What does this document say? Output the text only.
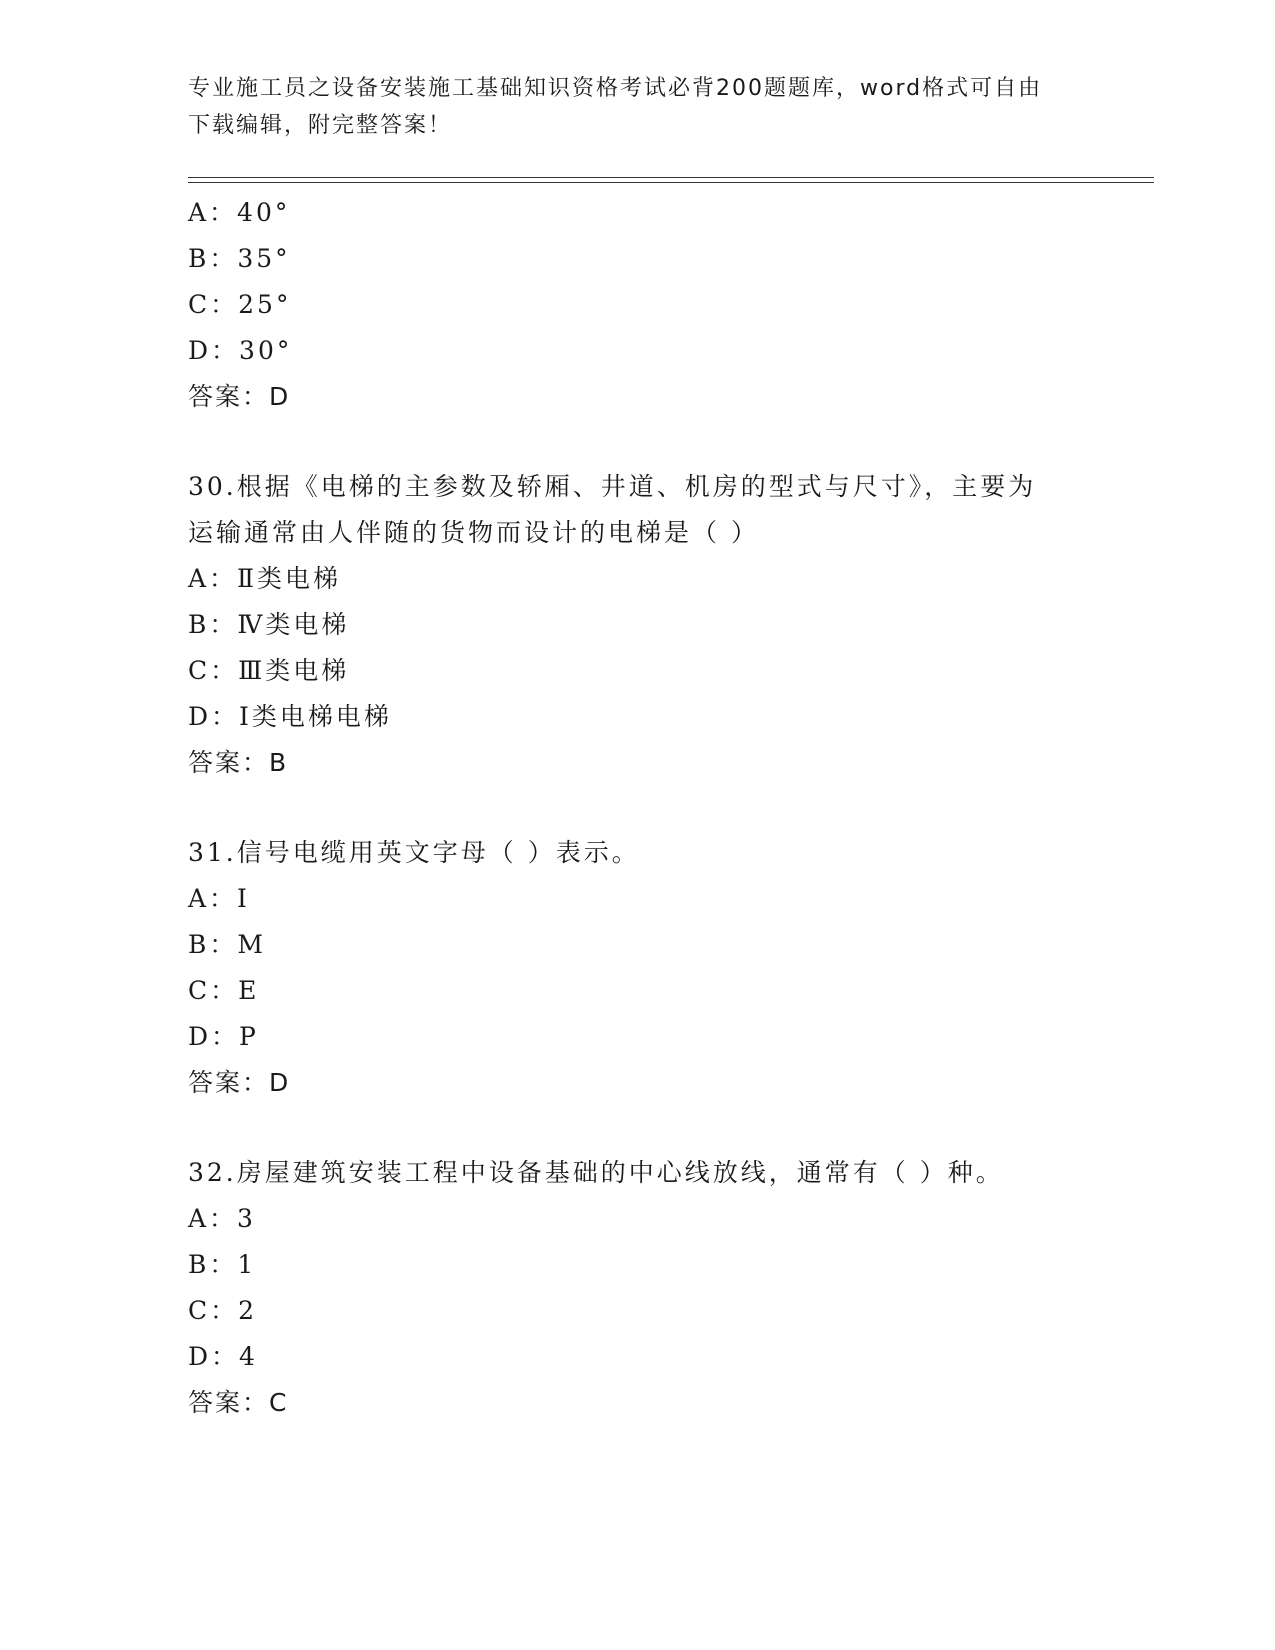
专业施工员之设备安装施工基础知识资格考试必背200题题库，word格式可自由
下载编辑，附完整答案！
A：40°
B：35°
C：25°
D：30°
答案：D
30.根据《电梯的主参数及轿厢、井道、机房的型式与尺寸》，主要为
运输通常由人伴随的货物而设计的电梯是（ ）
A：Ⅱ类电梯
B：Ⅳ类电梯
C：Ⅲ类电梯
D：Ⅰ类电梯电梯
答案：B
31.信号电缆用英文字母（ ）表示。
A：I
B：M
C：E
D：P
答案：D
32.房屋建筑安装工程中设备基础的中心线放线，通常有（ ）种。
A：3
B：1
C：2
D：4
答案：C
